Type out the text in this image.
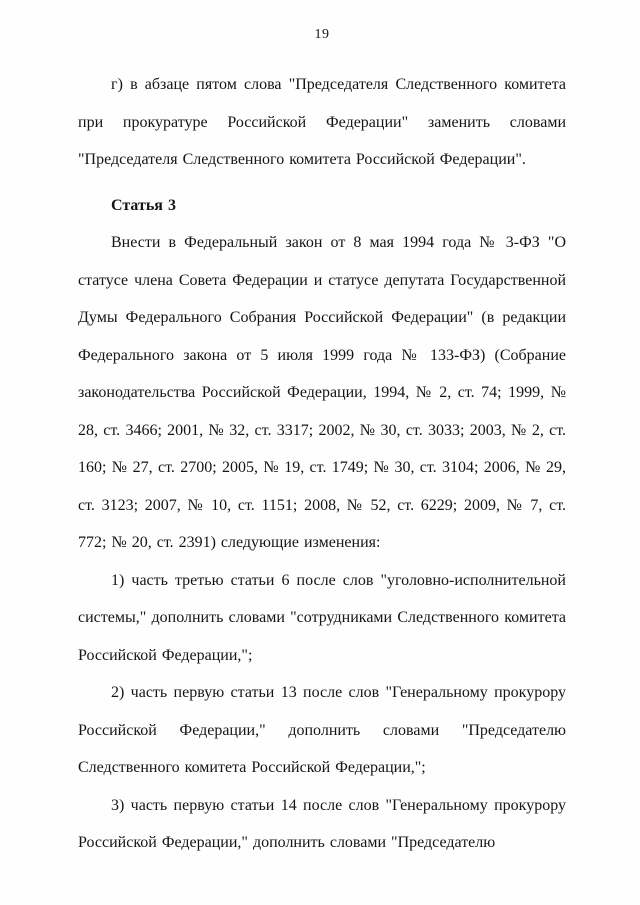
19

г) в абзаце пятом слова "Председателя Следственного комитета при прокуратуре Российской Федерации" заменить словами "Председателя Следственного комитета Российской Федерации".

Статья 3

Внести в Федеральный закон от 8 мая 1994 года № 3-ФЗ "О статусе члена Совета Федерации и статусе депутата Государственной Думы Федерального Собрания Российской Федерации" (в редакции Федерального закона от 5 июля 1999 года № 133-ФЗ) (Собрание законодательства Российской Федерации, 1994, № 2, ст. 74; 1999, № 28, ст. 3466; 2001, № 32, ст. 3317; 2002, № 30, ст. 3033; 2003, № 2, ст. 160; № 27, ст. 2700; 2005, № 19, ст. 1749; № 30, ст. 3104; 2006, № 29, ст. 3123; 2007, № 10, ст. 1151; 2008, № 52, ст. 6229; 2009, № 7, ст. 772; № 20, ст. 2391) следующие изменения:

1) часть третью статьи 6 после слов "уголовно-исполнительной системы," дополнить словами "сотрудниками Следственного комитета Российской Федерации,";

2) часть первую статьи 13 после слов "Генеральному прокурору Российской Федерации," дополнить словами "Председателю Следственного комитета Российской Федерации,";

3) часть первую статьи 14 после слов "Генеральному прокурору Российской Федерации," дополнить словами "Председателю
